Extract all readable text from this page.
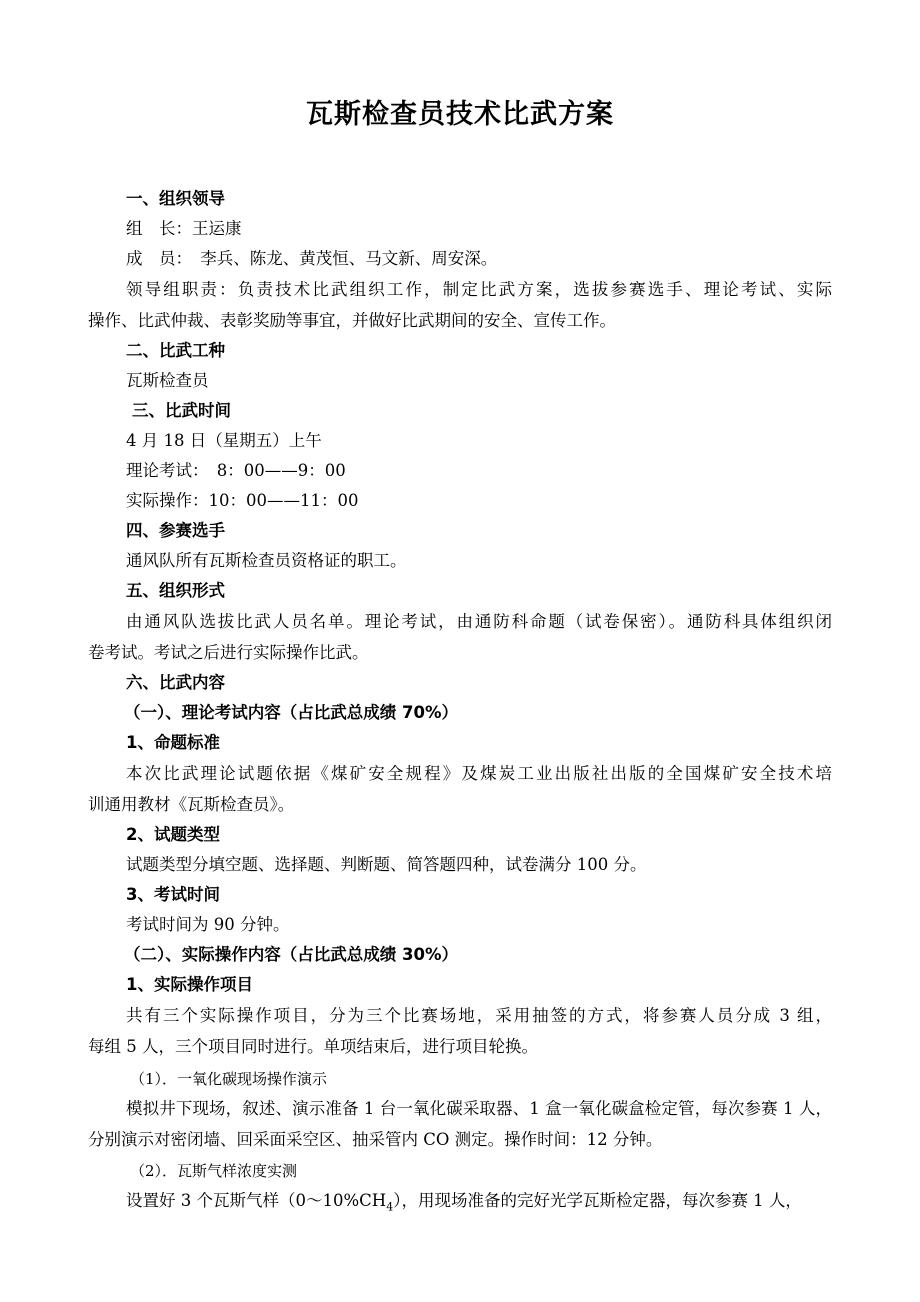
瓦斯检查员技术比武方案
一、组织领导
组　长：王运康
成　员：　李兵、陈龙、黄茂恒、马文新、周安深。
领导组职责：负责技术比武组织工作，制定比武方案，选拔参赛选手、理论考试、实际
操作、比武仲裁、表彰奖励等事宜，并做好比武期间的安全、宣传工作。
二、比武工种
瓦斯检查员
三、比武时间
4 月 18 日（星期五）上午
理论考试：　8：00——9：00
实际操作：10：00——11：00
四、参赛选手
通风队所有瓦斯检查员资格证的职工。
五、组织形式
由通风队选拔比武人员名单。理论考试，由通防科命题（试卷保密）。通防科具体组织闭
卷考试。考试之后进行实际操作比武。
六、比武内容
（一）、理论考试内容（占比武总成绩 70%）
1、命题标准
本次比武理论试题依据《煤矿安全规程》及煤炭工业出版社出版的全国煤矿安全技术培
训通用教材《瓦斯检查员》。
2、试题类型
试题类型分填空题、选择题、判断题、简答题四种，试卷满分 100 分。
3、考试时间
考试时间为 90 分钟。
（二）、实际操作内容（占比武总成绩 30%）
1、实际操作项目
共有三个实际操作项目，分为三个比赛场地，采用抽签的方式，将参赛人员分成 3 组，
每组 5 人，三个项目同时进行。单项结束后，进行项目轮换。
（1）．一氧化碳现场操作演示
模拟井下现场，叙述、演示准备 1 台一氧化碳采取器、1 盒一氧化碳盒检定管，每次参赛 1 人，
分别演示对密闭墙、回采面采空区、抽采管内 CO 测定。操作时间：12 分钟。
（2）．瓦斯气样浓度实测
设置好 3 个瓦斯气样$(0\sim 10\%CH_4)$，用现场准备的完好光学瓦斯检定器，每次参赛 1 人，
